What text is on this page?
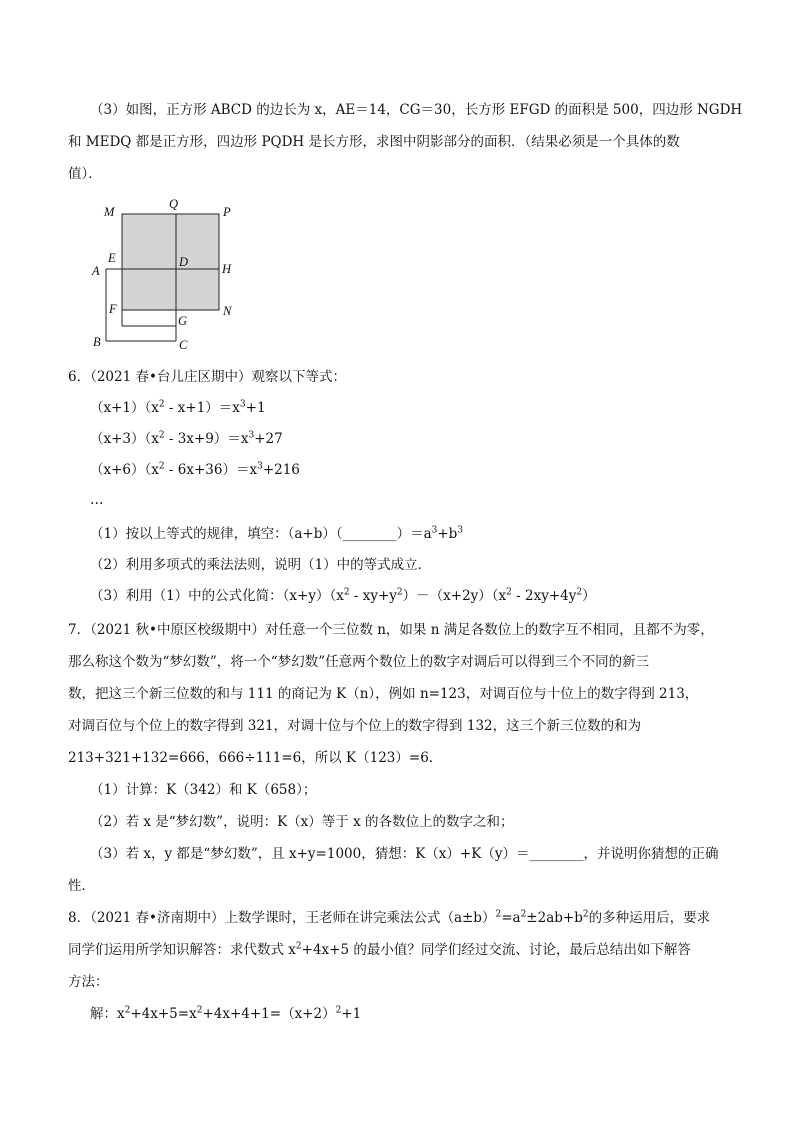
（3）如图，正方形 ABCD 的边长为 x，AE＝14，CG＝30，长方形 EFGD 的面积是 500，四边形 NGDH
和 MEDQ 都是正方形，四边形 PQDH 是长方形，求图中阴影部分的面积．（结果必须是一个具体的数
值）．
M
Q
P
E
A
D	H
F
G
N
B	C
6．（2021 春•台儿庄区期中）观察以下等式：
$(x+1)(x^2 - x+1)=x^3+1$
$(x+3)(x^2 - 3x+9)=x^3+27$
$(x+6)(x^2 - 6x+36)=x^3+216$
…
（1）按以上等式的规律，填空：$(a+b)(\_\_\_\_\_\_\_\_)=a^3+b^3$
（2）利用多项式的乘法法则，说明（1）中的等式成立．
（3）利用（1）中的公式化简：$(x+y)(x^2 - xy+y^2)-(x+2y)(x^2 - 2xy+4y^2)$
7．（2021 秋•中原区校级期中）对任意一个三位数 n，如果 n 满足各数位上的数字互不相同，且都不为零，
那么称这个数为“梦幻数”，将一个“梦幻数”任意两个数位上的数字对调后可以得到三个不同的新三
数，把这三个新三位数的和与 111 的商记为 K（n），例如 n=123，对调百位与十位上的数字得到 213，
对调百位与个位上的数字得到 321，对调十位与个位上的数字得到 132，这三个新三位数的和为
213+321+132=666，666÷111=6，所以 K（123）=6．
（1）计算：K（342）和 K（658）；
（2）若 x 是“梦幻数”，说明：K（x）等于 x 的各数位上的数字之和；
（3）若 x，y 都是“梦幻数”，且 x+y=1000，猜想：K（x）+K（y）＝________，并说明你猜想的正确
性．
8．（2021 春•济南期中）上数学课时，王老师在讲完乘法公式$(a\pm b)^2=a^2\pm 2ab+b^2$的多种运用后，要求
同学们运用所学知识解答：求代数式 $x^2+4x+5$ 的最小值？同学们经过交流、讨论，最后总结出如下解答
方法：
解：$x^2+4x+5=x^2+4x+4+1=(x+2)^2+1$
